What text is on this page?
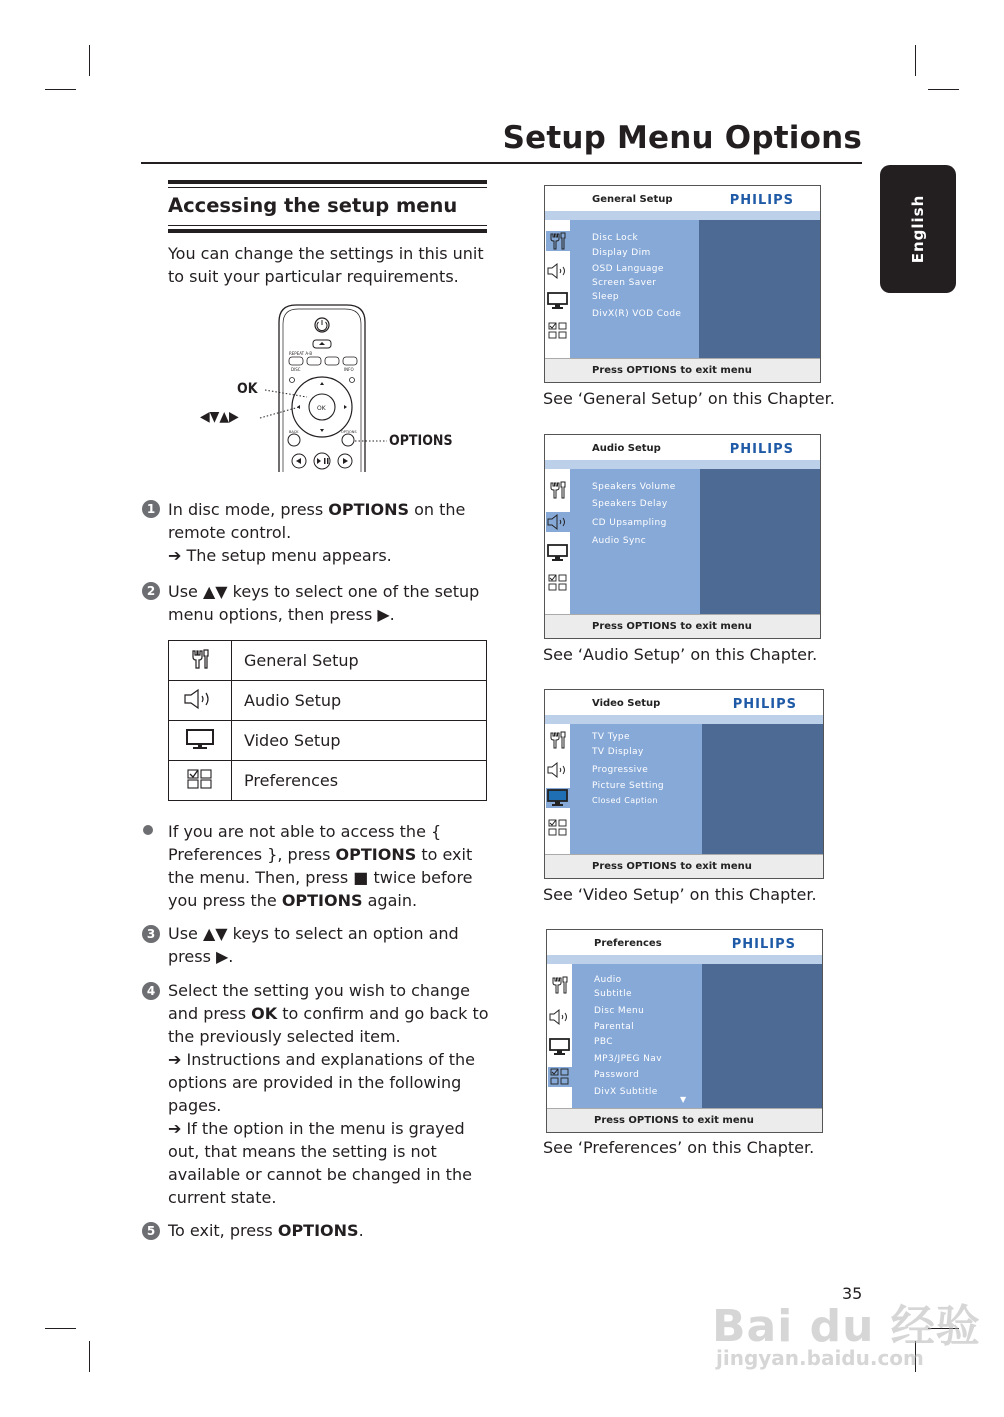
Setup Menu Options
English
Accessing the setup menu
You can change the settings in this unit to suit your particular requirements.
REPEAT A-B
DISC	INFO
OK
BACK	OPTIONS
OK
◀▼▲▶
OPTIONS
1 In disc mode, press OPTIONS on the remote control.
➔ The setup menu appears.
2 Use ▲▼ keys to select one of the setup menu options, then press ▶.
	General Setup
	Audio Setup
	Video Setup
	Preferences
If you are not able to access the { Preferences }, press OPTIONS to exit the menu. Then, press ■ twice before you press the OPTIONS again.
3 Use ▲▼ keys to select an option and press ▶.
4 Select the setting you wish to change and press OK to confirm and go back to the previously selected item.
➔ Instructions and explanations of the options are provided in the following pages.
➔ If the option in the menu is grayed out, that means the setting is not available or cannot be changed in the current state.
5 To exit, press OPTIONS.
General Setup	PHILIPS
Disc Lock
Display Dim
OSD Language
Screen Saver
Sleep
DivX(R) VOD Code
Press OPTIONS to exit menu
See ‘General Setup’ on this Chapter.
Audio Setup	PHILIPS
Speakers Volume
Speakers Delay
CD Upsampling
Audio Sync
Press OPTIONS to exit menu
See ‘Audio Setup’ on this Chapter.
Video Setup	PHILIPS
TV Type
TV Display
Progressive
Picture Setting
Closed Caption
Press OPTIONS to exit menu
See ‘Video Setup’ on this Chapter.
Preferences	PHILIPS
Audio
Subtitle
Disc Menu
Parental
PBC
MP3/JPEG Nav
Password
DivX Subtitle
▼
Press OPTIONS to exit menu
See ‘Preferences’ on this Chapter.
35
Bai du 经验
jingyan.baidu.com
